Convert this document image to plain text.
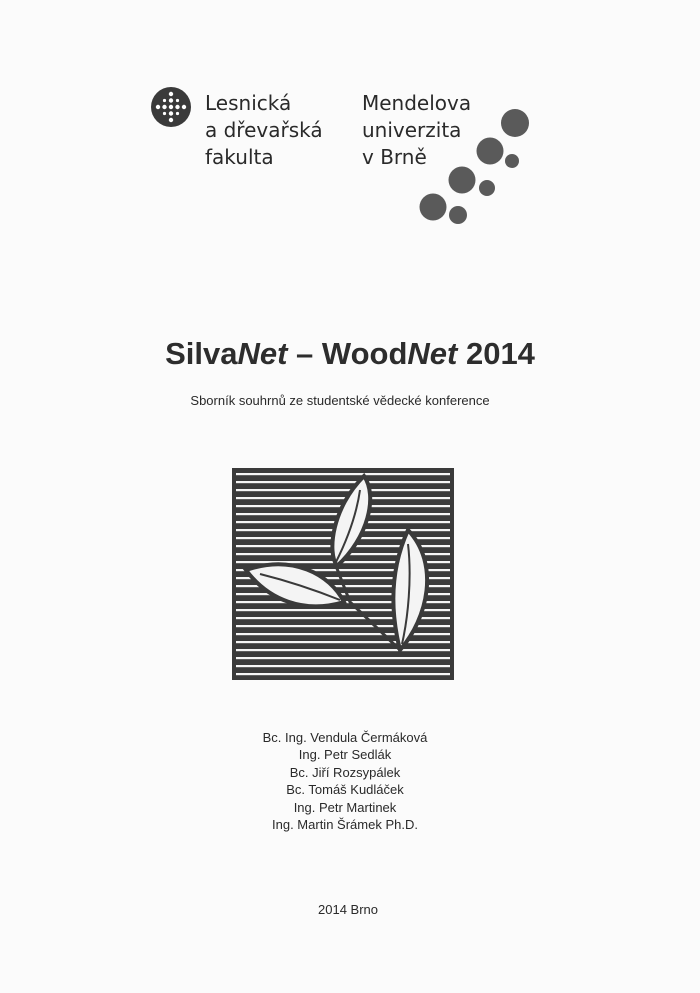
Lesnická
a dřevařská
fakulta
Mendelova
univerzita
v Brně
SilvaNet – WoodNet 2014
Sborník souhrnů ze studentské vědecké konference
Bc. Ing. Vendula Čermáková
Ing. Petr Sedlák
Bc. Jiří Rozsypálek
Bc. Tomáš Kudláček
Ing. Petr Martinek
Ing. Martin Šrámek Ph.D.
2014 Brno
